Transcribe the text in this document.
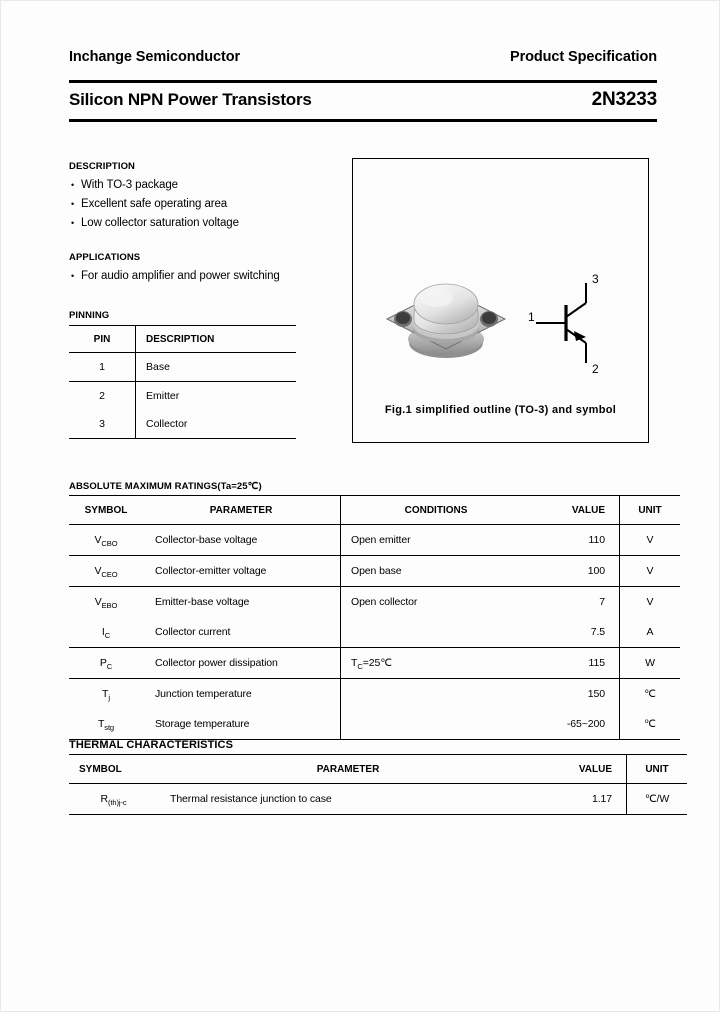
Inchange Semiconductor	Product Specification
Silicon NPN Power Transistors	2N3233
DESCRIPTION
• With TO-3 package
• Excellent safe operating area
• Low collector saturation voltage
APPLICATIONS
• For audio amplifier and power switching
PINNING
PIN	DESCRIPTION
1	Base
2	Emitter
3	Collector
3
2
1
Fig.1 simplified outline (TO-3) and symbol
ABSOLUTE MAXIMUM RATINGS(Ta=25℃)
SYMBOL	PARAMETER	CONDITIONS	VALUE	UNIT
$V_{CBO}$	Collector-base voltage	Open emitter	110	V
$V_{CEO}$	Collector-emitter voltage	Open base	100	V
$V_{EBO}$	Emitter-base voltage	Open collector	7	V
$I_C$	Collector current		7.5	A
$P_C$	Collector power dissipation	$T_C=25℃$	115	W
$T_j$	Junction temperature		150	℃
$T_{stg}$	Storage temperature		-65~200	℃
THERMAL CHARACTERISTICS
SYMBOL	PARAMETER	VALUE	UNIT
$R_{(th)j-c}$	Thermal resistance junction to case	1.17	℃/W
